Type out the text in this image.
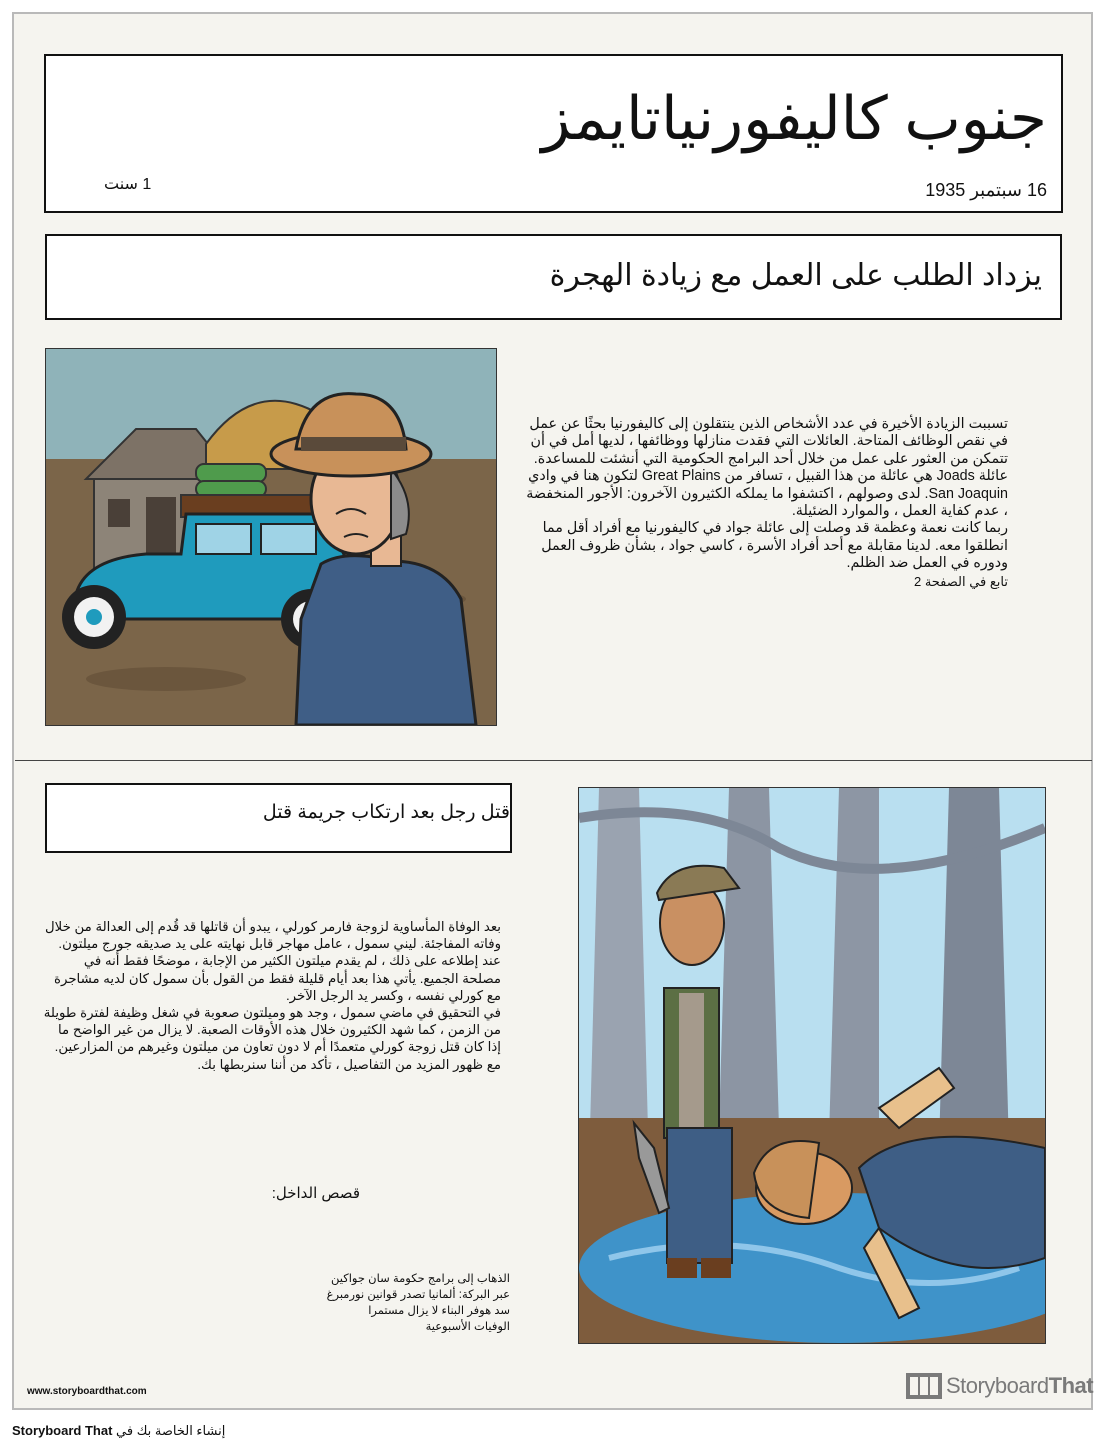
جنوب كاليفورنياتايمز
16 سبتمبر 1935
1 سنت
يزداد الطلب على العمل مع زيادة الهجرة
تسببت الزيادة الأخيرة في عدد الأشخاص الذين ينتقلون إلى كاليفورنيا بحثًا عن عمل في نقص الوظائف المتاحة. العائلات التي فقدت منازلها ووظائفها ، لديها أمل في أن تتمكن من العثور على عمل من خلال أحد البرامج الحكومية التي أنشئت للمساعدة.
عائلة Joads هي عائلة من هذا القبيل ، تسافر من Great Plains لتكون هنا في وادي San Joaquin. لدى وصولهم ، اكتشفوا ما يملكه الكثيرون الآخرون: الأجور المنخفضة ، عدم كفاية العمل ، والموارد الضئيلة.
ربما كانت نعمة وعظمة قد وصلت إلى عائلة جواد في كاليفورنيا مع أفراد أقل مما انطلقوا معه. لدينا مقابلة مع أحد أفراد الأسرة ، كاسي جواد ، بشأن ظروف العمل ودوره في العمل ضد الظلم.
تابع في الصفحة 2
قتل رجل بعد ارتكاب جريمة قتل
بعد الوفاة المأساوية لزوجة فارمر كورلي ، يبدو أن قاتلها قد قُدم إلى العدالة من خلال وفاته المفاجئة. ليني سمول ، عامل مهاجر قابل نهايته على يد صديقه جورج ميلتون. عند إطلاعه على ذلك ، لم يقدم ميلتون الكثير من الإجابة ، موضحًا فقط أنه في مصلحة الجميع. يأتي هذا بعد أيام قليلة فقط من القول بأن سمول كان لديه مشاجرة مع كورلي نفسه ، وكسر يد الرجل الآخر.
في التحقيق في ماضي سمول ، وجد هو وميلتون صعوبة في شغل وظيفة لفترة طويلة من الزمن ، كما شهد الكثيرون خلال هذه الأوقات الصعبة. لا يزال من غير الواضح ما إذا كان قتل زوجة كورلي متعمدًا أم لا دون تعاون من ميلتون وغيرهم من المزارعين. مع ظهور المزيد من التفاصيل ، تأكد من أننا سنربطها بك.
قصص الداخل:
الذهاب إلى برامج حكومة سان جواكين
عبر البركة: ألمانيا تصدر قوانين نورمبرغ
سد هوفر البناء لا يزال مستمرا
الوفيات الأسبوعية
www.storyboardthat.com	Storyboard That
إنشاء الخاصة بك في Storyboard That
